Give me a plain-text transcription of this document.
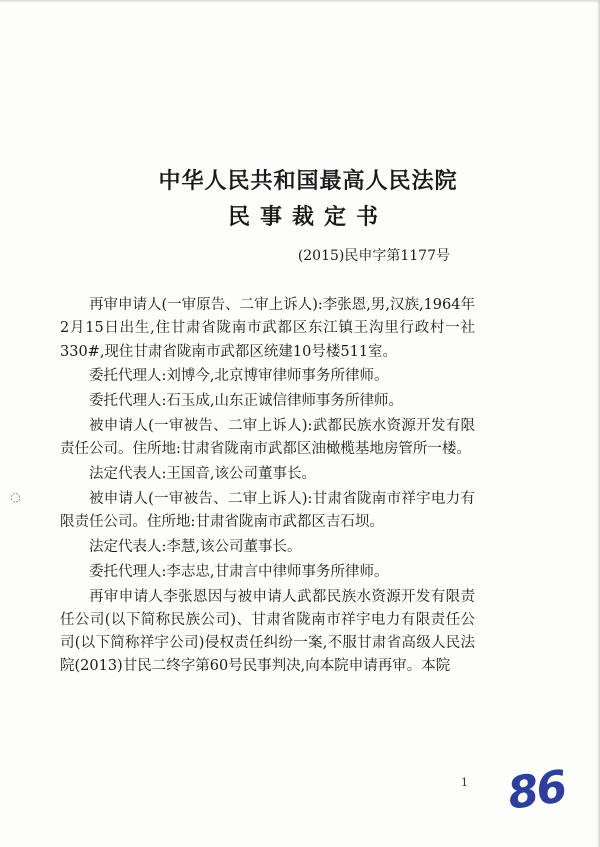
◌
中华人民共和国最高人民法院
民事裁定书
(2015)民申字第1177号

再审申请人(一审原告、二审上诉人):李张恩,男,汉族,1964年2月15日出生,住甘肃省陇南市武都区东江镇王沟里行政村一社330#,现住甘肃省陇南市武都区统建10号楼511室。

委托代理人:刘博今,北京博审律师事务所律师。

委托代理人:石玉成,山东正诚信律师事务所律师。

被申请人(一审被告、二审上诉人):武都民族水资源开发有限责任公司。住所地:甘肃省陇南市武都区油橄榄基地房管所一楼。

法定代表人:王国音,该公司董事长。

被申请人(一审被告、二审上诉人):甘肃省陇南市祥宇电力有限责任公司。住所地:甘肃省陇南市武都区吉石坝。

法定代表人:李慧,该公司董事长。

委托代理人:李志忠,甘肃言中律师事务所律师。

再审申请人李张恩因与被申请人武都民族水资源开发有限责任公司(以下简称民族公司)、甘肃省陇南市祥宇电力有限责任公司(以下简称祥宇公司)侵权责任纠纷一案,不服甘肃省高级人民法院(2013)甘民二终字第60号民事判决,向本院申请再审。本院

1 86
